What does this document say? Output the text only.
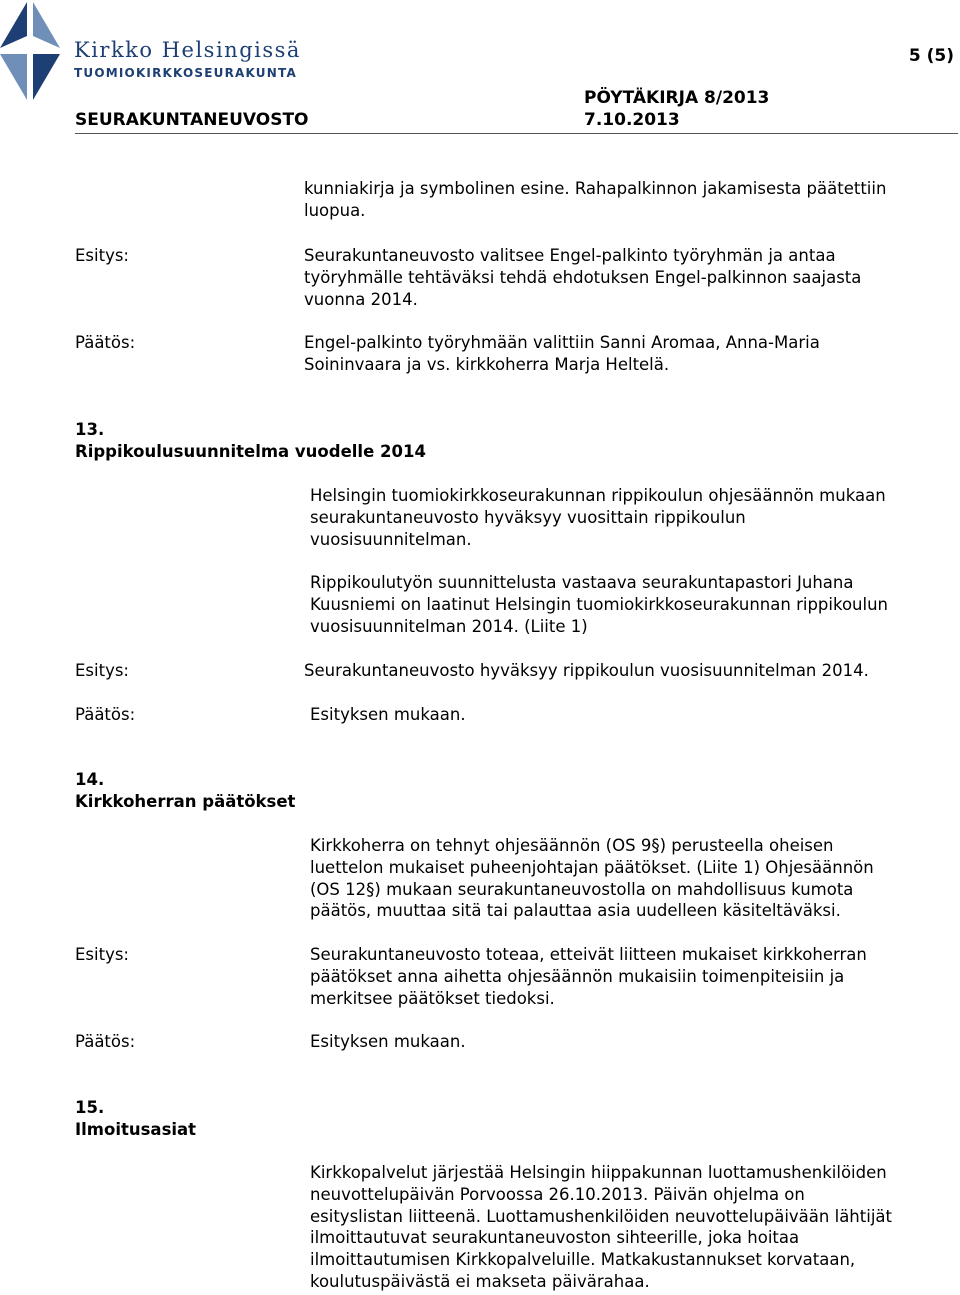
Kirkko Helsingissä
TUOMIOKIRKKOSEURAKUNTA
5 (5)
PÖYTÄKIRJA 8/2013
SEURAKUNTANEUVOSTO	7.10.2013
kunniakirja ja symbolinen esine. Rahapalkinnon jakamisesta päätettiin
luopua.
Esitys:	Seurakuntaneuvosto valitsee Engel-palkinto työryhmän ja antaa
työryhmälle tehtäväksi tehdä ehdotuksen Engel-palkinnon saajasta
vuonna 2014.
Päätös:	Engel-palkinto työryhmään valittiin Sanni Aromaa, Anna-Maria
Soininvaara ja vs. kirkkoherra Marja Heltelä.
13.
Rippikoulusuunnitelma vuodelle 2014
Helsingin tuomiokirkkoseurakunnan rippikoulun ohjesäännön mukaan
seurakuntaneuvosto hyväksyy vuosittain rippikoulun
vuosisuunnitelman.
Rippikoulutyön suunnittelusta vastaava seurakuntapastori Juhana
Kuusniemi on laatinut Helsingin tuomiokirkkoseurakunnan rippikoulun
vuosisuunnitelman 2014. (Liite 1)
Esitys:	Seurakuntaneuvosto hyväksyy rippikoulun vuosisuunnitelman 2014.
Päätös:	Esityksen mukaan.
14.
Kirkkoherran päätökset
Kirkkoherra on tehnyt ohjesäännön (OS 9§) perusteella oheisen
luettelon mukaiset puheenjohtajan päätökset. (Liite 1) Ohjesäännön
(OS 12§) mukaan seurakuntaneuvostolla on mahdollisuus kumota
päätös, muuttaa sitä tai palauttaa asia uudelleen käsiteltäväksi.
Esitys:	Seurakuntaneuvosto toteaa, etteivät liitteen mukaiset kirkkoherran
päätökset anna aihetta ohjesäännön mukaisiin toimenpiteisiin ja
merkitsee päätökset tiedoksi.
Päätös:	Esityksen mukaan.
15.
Ilmoitusasiat
Kirkkopalvelut järjestää Helsingin hiippakunnan luottamushenkilöiden
neuvottelupäivän Porvoossa 26.10.2013. Päivän ohjelma on
esityslistan liitteenä. Luottamushenkilöiden neuvottelupäivään lähtijät
ilmoittautuvat seurakuntaneuvoston sihteerille, joka hoitaa
ilmoittautumisen Kirkkopalveluille. Matkakustannukset korvataan,
koulutuspäivästä ei makseta päivärahaa.
